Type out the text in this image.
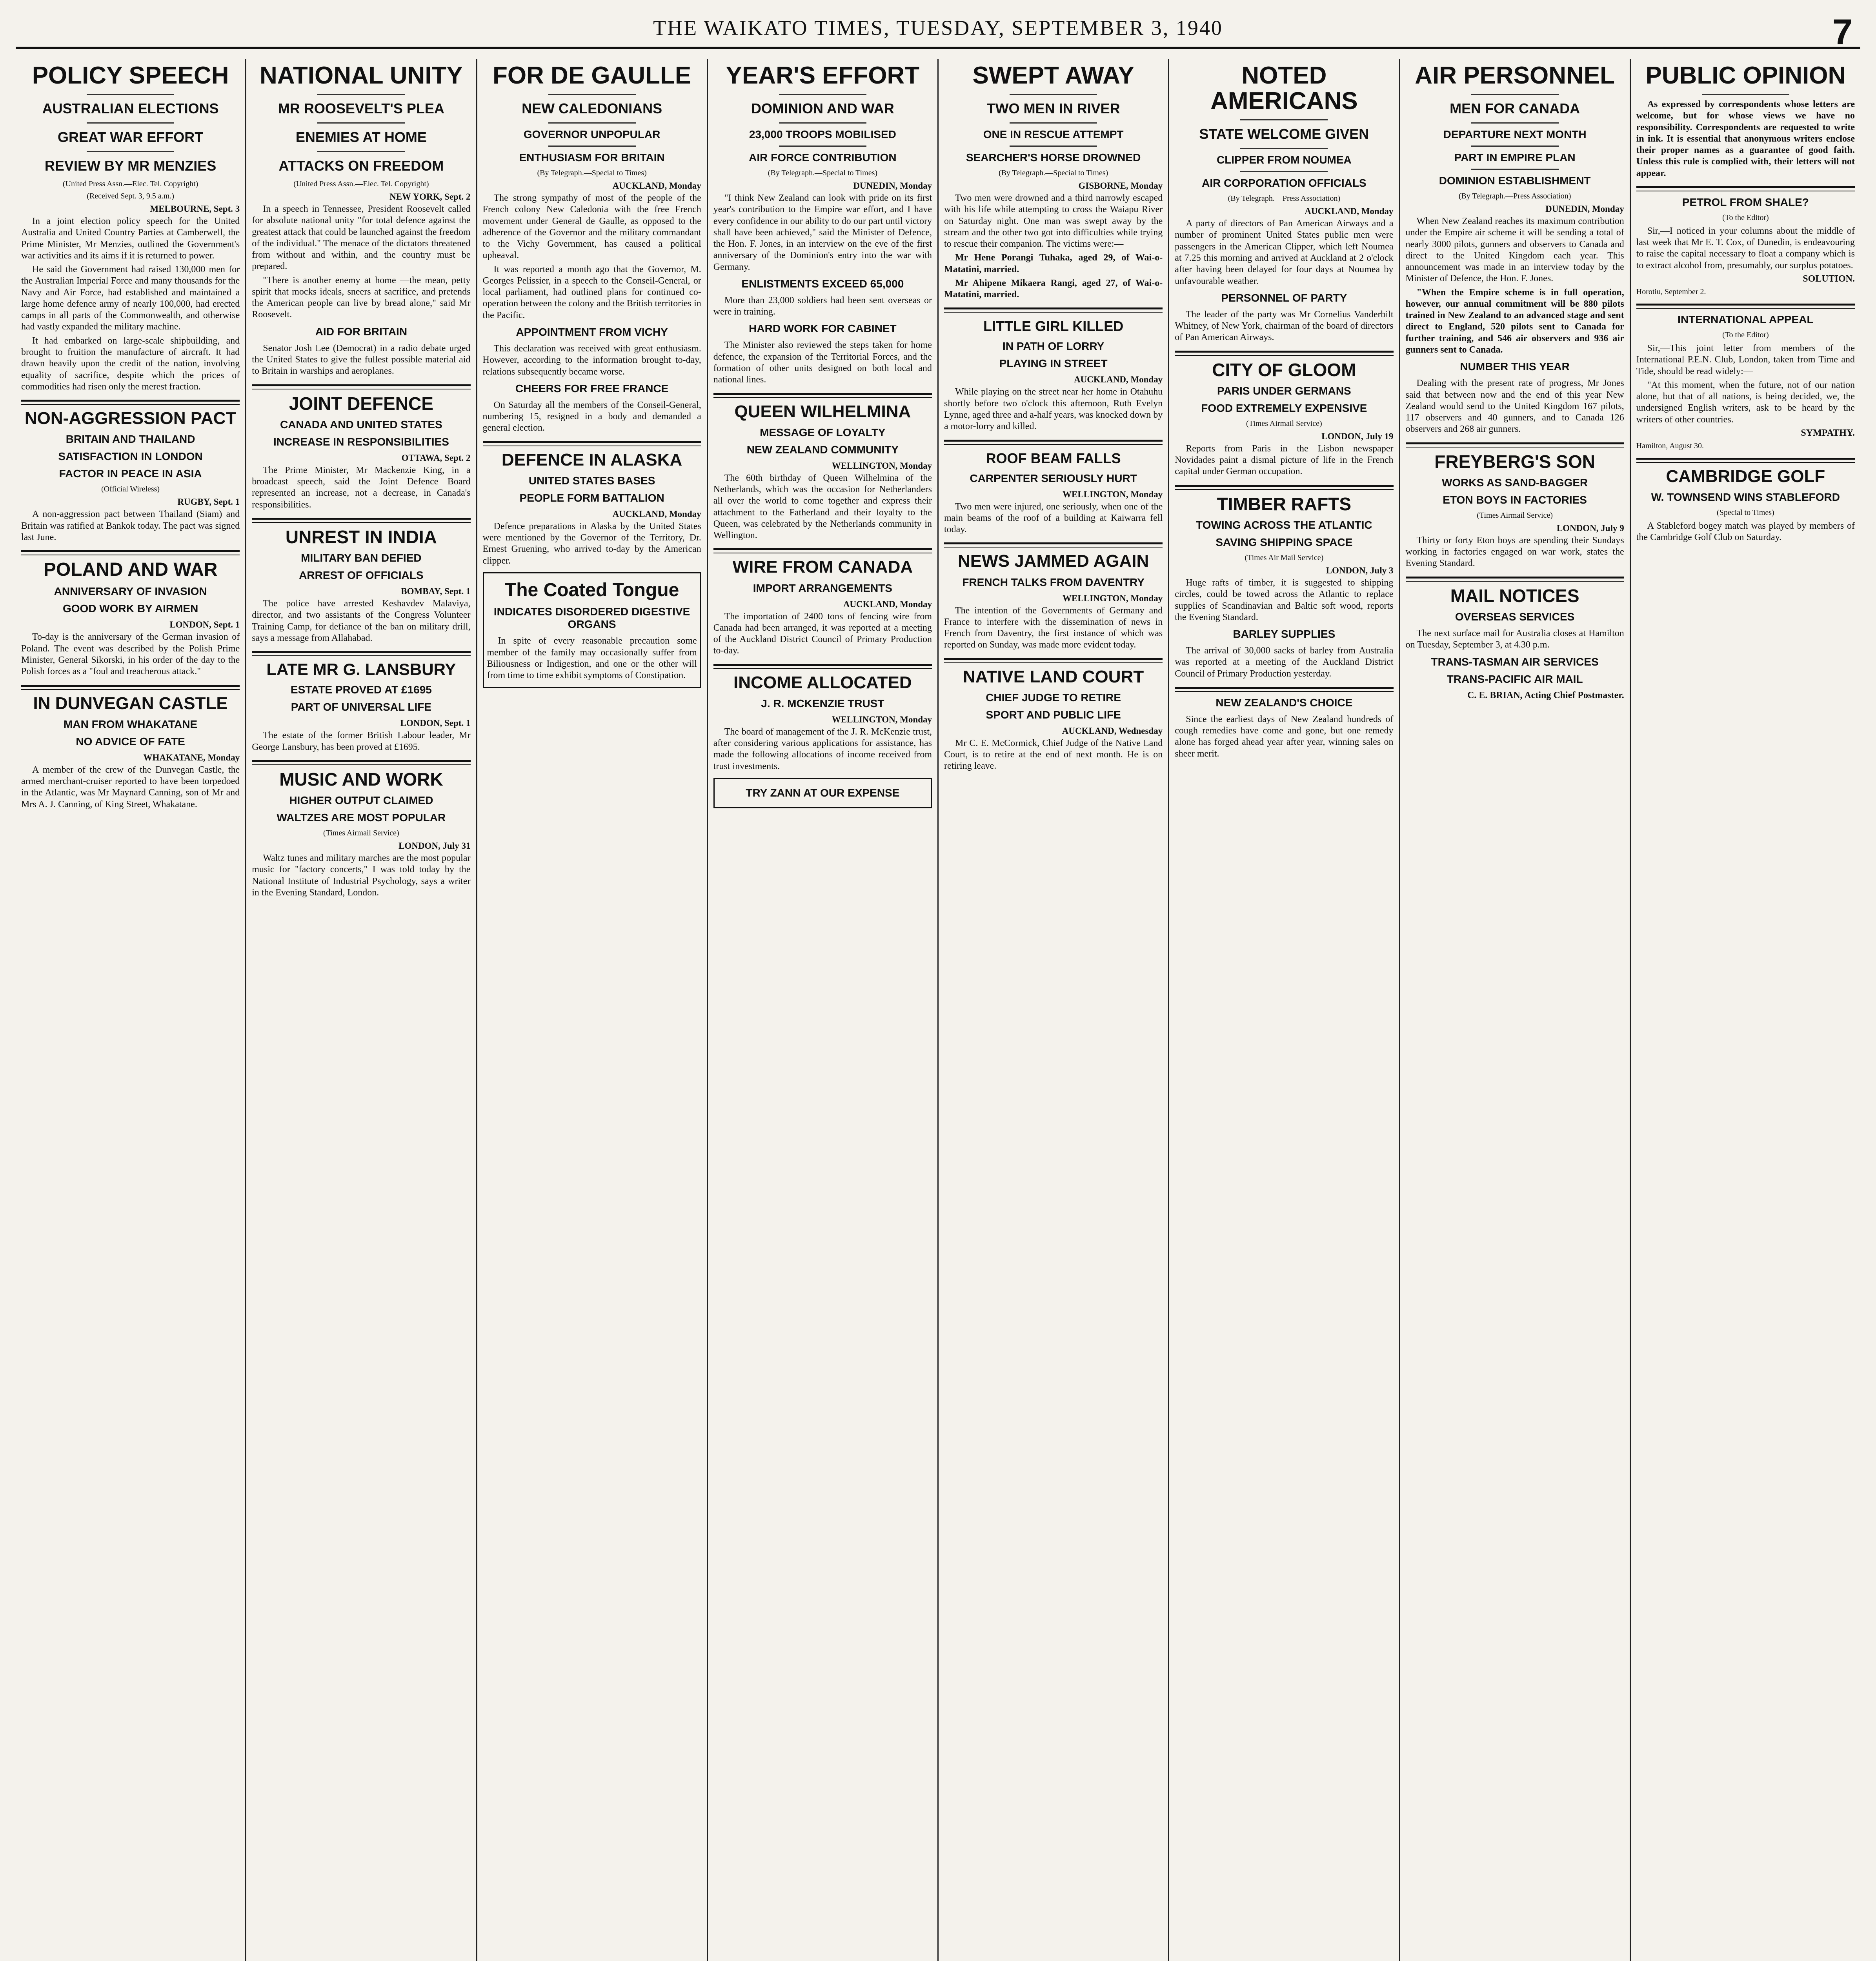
THE WAIKATO TIMES, TUESDAY, SEPTEMBER 3, 1940	7
POLICY SPEECH
AUSTRALIAN ELECTIONS
GREAT WAR EFFORT
REVIEW BY MR MENZIES
(United Press Assn.—Elec. Tel. Copyright)
(Received Sept. 3, 9.5 a.m.)
MELBOURNE, Sept. 3

In a joint election policy speech for the United Australia and United Country Parties at Camberwell, the Prime Minister, Mr Menzies, outlined the Government's war activities and its aims if it is returned to power.

He said the Government had raised 130,000 men for the Australian Imperial Force and many thousands for the Navy and Air Force, had established and maintained a large home defence army of nearly 100,000, had erected camps in all parts of the Commonwealth, and otherwise had vastly expanded the military machine.

It had embarked on large-scale shipbuilding, and brought to fruition the manufacture of aircraft. It had drawn heavily upon the credit of the nation, involving equality of sacrifice, despite which the prices of commodities had risen only the merest fraction.

NON-AGGRESSION PACT
BRITAIN AND THAILAND
SATISFACTION IN LONDON
FACTOR IN PEACE IN ASIA
(Official Wireless)
RUGBY, Sept. 1

A non-aggression pact between Thailand (Siam) and Britain was ratified at Bankok today. The pact was signed last June.

POLAND AND WAR
ANNIVERSARY OF INVASION
GOOD WORK BY AIRMEN
LONDON, Sept. 1

To-day is the anniversary of the German invasion of Poland. The event was described by the Polish Prime Minister, General Sikorski, in his order of the day to the Polish forces as a "foul and treacherous attack."

IN DUNVEGAN CASTLE
MAN FROM WHAKATANE
NO ADVICE OF FATE
WHAKATANE, Monday

A member of the crew of the Dunvegan Castle, the armed merchant-cruiser reported to have been torpedoed in the Atlantic, was Mr Maynard Canning, son of Mr and Mrs A. J. Canning, of King Street, Whakatane.

NATIONAL UNITY
MR ROOSEVELT'S PLEA
ENEMIES AT HOME
ATTACKS ON FREEDOM
(United Press Assn.—Elec. Tel. Copyright)
NEW YORK, Sept. 2

In a speech in Tennessee, President Roosevelt called for absolute national unity "for total defence against the greatest attack that could be launched against the freedom of the individual." The menace of the dictators threatened from without and within, and the country must be prepared.

"There is another enemy at home —the mean, petty spirit that mocks ideals, sneers at sacrifice, and pretends the American people can live by bread alone," said Mr Roosevelt.

AID FOR BRITAIN

Senator Josh Lee (Democrat) in a radio debate urged the United States to give the fullest possible material aid to Britain in warships and aeroplanes.

JOINT DEFENCE
CANADA AND UNITED STATES
INCREASE IN RESPONSIBILITIES
OTTAWA, Sept. 2

The Prime Minister, Mr Mackenzie King, in a broadcast speech, said the Joint Defence Board represented an increase, not a decrease, in Canada's responsibilities.

UNREST IN INDIA
MILITARY BAN DEFIED
ARREST OF OFFICIALS
BOMBAY, Sept. 1

The police have arrested Keshavdev Malaviya, director, and two assistants of the Congress Volunteer Training Camp, for defiance of the ban on military drill, says a message from Allahabad.

LATE MR G. LANSBURY
ESTATE PROVED AT £1695
PART OF UNIVERSAL LIFE
LONDON, Sept. 1

The estate of the former British Labour leader, Mr George Lansbury, has been proved at £1695.

MUSIC AND WORK
HIGHER OUTPUT CLAIMED
WALTZES ARE MOST POPULAR
(Times Airmail Service)
LONDON, July 31

Waltz tunes and military marches are the most popular music for "factory concerts," I was told today by the National Institute of Industrial Psychology, says a writer in the Evening Standard, London.

FOR DE GAULLE
NEW CALEDONIANS
GOVERNOR UNPOPULAR
ENTHUSIASM FOR BRITAIN
(By Telegraph.—Special to Times)
AUCKLAND, Monday

The strong sympathy of most of the people of the French colony New Caledonia with the free French movement under General de Gaulle, as opposed to the adherence of the Governor and the military commandant to the Vichy Government, has caused a political upheaval.

It was reported a month ago that the Governor, M. Georges Pelissier, in a speech to the Conseil-General, or local parliament, had outlined plans for continued co-operation between the colony and the British territories in the Pacific.

APPOINTMENT FROM VICHY

This declaration was received with great enthusiasm. However, according to the information brought to-day, relations subsequently became worse.

CHEERS FOR FREE FRANCE

On Saturday all the members of the Conseil-General, numbering 15, resigned in a body and demanded a general election.

DEFENCE IN ALASKA
UNITED STATES BASES
PEOPLE FORM BATTALION
AUCKLAND, Monday

Defence preparations in Alaska by the United States were mentioned by the Governor of the Territory, Dr. Ernest Gruening, who arrived to-day by the American clipper.

The Coated Tongue
INDICATES DISORDERED DIGESTIVE ORGANS

In spite of every reasonable precaution some member of the family may occasionally suffer from Biliousness or Indigestion, and one or the other will from time to time exhibit symptoms of Constipation.

YEAR'S EFFORT
DOMINION AND WAR
23,000 TROOPS MOBILISED
AIR FORCE CONTRIBUTION
(By Telegraph.—Special to Times)
DUNEDIN, Monday

"I think New Zealand can look with pride on its first year's contribution to the Empire war effort, and I have every confidence in our ability to do our part until victory shall have been achieved," said the Minister of Defence, the Hon. F. Jones, in an interview on the eve of the first anniversary of the Dominion's entry into the war with Germany.

ENLISTMENTS EXCEED 65,000

More than 23,000 soldiers had been sent overseas or were in training.

HARD WORK FOR CABINET

The Minister also reviewed the steps taken for home defence, the expansion of the Territorial Forces, and the formation of other units designed on both local and national lines.

QUEEN WILHELMINA
MESSAGE OF LOYALTY
NEW ZEALAND COMMUNITY
WELLINGTON, Monday

The 60th birthday of Queen Wilhelmina of the Netherlands, which was the occasion for Netherlanders all over the world to come together and express their attachment to the Fatherland and their loyalty to the Queen, was celebrated by the Netherlands community in Wellington.

WIRE FROM CANADA
IMPORT ARRANGEMENTS
AUCKLAND, Monday

The importation of 2400 tons of fencing wire from Canada had been arranged, it was reported at a meeting of the Auckland District Council of Primary Production to-day.

INCOME ALLOCATED
J. R. MCKENZIE TRUST
WELLINGTON, Monday

The board of management of the J. R. McKenzie trust, after considering various applications for assistance, has made the following allocations of income received from trust investments.

TRY ZANN AT OUR EXPENSE
SWEPT AWAY
TWO MEN IN RIVER
ONE IN RESCUE ATTEMPT
SEARCHER'S HORSE DROWNED
(By Telegraph.—Special to Times)
GISBORNE, Monday

Two men were drowned and a third narrowly escaped with his life while attempting to cross the Waiapu River on Saturday night. One man was swept away by the stream and the other two got into difficulties while trying to rescue their companion. The victims were:—

Mr Hene Porangi Tuhaka, aged 29, of Wai-o-Matatini, married.

Mr Ahipene Mikaera Rangi, aged 27, of Wai-o-Matatini, married.

LITTLE GIRL KILLED
IN PATH OF LORRY
PLAYING IN STREET
AUCKLAND, Monday

While playing on the street near her home in Otahuhu shortly before two o'clock this afternoon, Ruth Evelyn Lynne, aged three and a-half years, was knocked down by a motor-lorry and killed.

ROOF BEAM FALLS
CARPENTER SERIOUSLY HURT
WELLINGTON, Monday

Two men were injured, one seriously, when one of the main beams of the roof of a building at Kaiwarra fell today.

NEWS JAMMED AGAIN
FRENCH TALKS FROM DAVENTRY
WELLINGTON, Monday

The intention of the Governments of Germany and France to interfere with the dissemination of news in French from Daventry, the first instance of which was reported on Sunday, was made more evident today.

NATIVE LAND COURT
CHIEF JUDGE TO RETIRE
SPORT AND PUBLIC LIFE
AUCKLAND, Wednesday

Mr C. E. McCormick, Chief Judge of the Native Land Court, is to retire at the end of next month. He is on retiring leave.

NOTED AMERICANS
STATE WELCOME GIVEN
CLIPPER FROM NOUMEA
AIR CORPORATION OFFICIALS
(By Telegraph.—Press Association)
AUCKLAND, Monday

A party of directors of Pan American Airways and a number of prominent United States public men were passengers in the American Clipper, which left Noumea at 7.25 this morning and arrived at Auckland at 2 o'clock after having been delayed for four days at Noumea by unfavourable weather.

PERSONNEL OF PARTY

The leader of the party was Mr Cornelius Vanderbilt Whitney, of New York, chairman of the board of directors of Pan American Airways.

CITY OF GLOOM
PARIS UNDER GERMANS
FOOD EXTREMELY EXPENSIVE
(Times Airmail Service)
LONDON, July 19

Reports from Paris in the Lisbon newspaper Novidades paint a dismal picture of life in the French capital under German occupation.

TIMBER RAFTS
TOWING ACROSS THE ATLANTIC
SAVING SHIPPING SPACE
(Times Air Mail Service)
LONDON, July 3

Huge rafts of timber, it is suggested to shipping circles, could be towed across the Atlantic to replace supplies of Scandinavian and Baltic soft wood, reports the Evening Standard.

BARLEY SUPPLIES

The arrival of 30,000 sacks of barley from Australia was reported at a meeting of the Auckland District Council of Primary Production yesterday.

NEW ZEALAND'S CHOICE

Since the earliest days of New Zealand hundreds of cough remedies have come and gone, but one remedy alone has forged ahead year after year, winning sales on sheer merit.

AIR PERSONNEL
MEN FOR CANADA
DEPARTURE NEXT MONTH
PART IN EMPIRE PLAN
DOMINION ESTABLISHMENT
(By Telegraph.—Press Association)
DUNEDIN, Monday

When New Zealand reaches its maximum contribution under the Empire air scheme it will be sending a total of nearly 3000 pilots, gunners and observers to Canada and direct to the United Kingdom each year. This announcement was made in an interview today by the Minister of Defence, the Hon. F. Jones.

"When the Empire scheme is in full operation, however, our annual commitment will be 880 pilots trained in New Zealand to an advanced stage and sent direct to England, 520 pilots sent to Canada for further training, and 546 air observers and 936 air gunners sent to Canada.

NUMBER THIS YEAR

Dealing with the present rate of progress, Mr Jones said that between now and the end of this year New Zealand would send to the United Kingdom 167 pilots, 117 observers and 40 gunners, and to Canada 126 observers and 268 air gunners.

FREYBERG'S SON
WORKS AS SAND-BAGGER
ETON BOYS IN FACTORIES
(Times Airmail Service)
LONDON, July 9

Thirty or forty Eton boys are spending their Sundays working in factories engaged on war work, states the Evening Standard.

MAIL NOTICES
OVERSEAS SERVICES

The next surface mail for Australia closes at Hamilton on Tuesday, September 3, at 4.30 p.m.

TRANS-TASMAN AIR SERVICES
TRANS-PACIFIC AIR MAIL
C. E. BRIAN, Acting Chief Postmaster.
PUBLIC OPINION

As expressed by correspondents whose letters are welcome, but for whose views we have no responsibility. Correspondents are requested to write in ink. It is essential that anonymous writers enclose their proper names as a guarantee of good faith. Unless this rule is complied with, their letters will not appear.

PETROL FROM SHALE?
(To the Editor)

Sir,—I noticed in your columns about the middle of last week that Mr E. T. Cox, of Dunedin, is endeavouring to raise the capital necessary to float a company which is to extract alcohol from, presumably, our surplus potatoes.

SOLUTION.
Horotiu, September 2.
INTERNATIONAL APPEAL
(To the Editor)

Sir,—This joint letter from members of the International P.E.N. Club, London, taken from Time and Tide, should be read widely:—

"At this moment, when the future, not of our nation alone, but that of all nations, is being decided, we, the undersigned English writers, ask to be heard by the writers of other countries.

SYMPATHY.
Hamilton, August 30.
CAMBRIDGE GOLF
W. TOWNSEND WINS STABLEFORD
(Special to Times)

A Stableford bogey match was played by members of the Cambridge Golf Club on Saturday.
